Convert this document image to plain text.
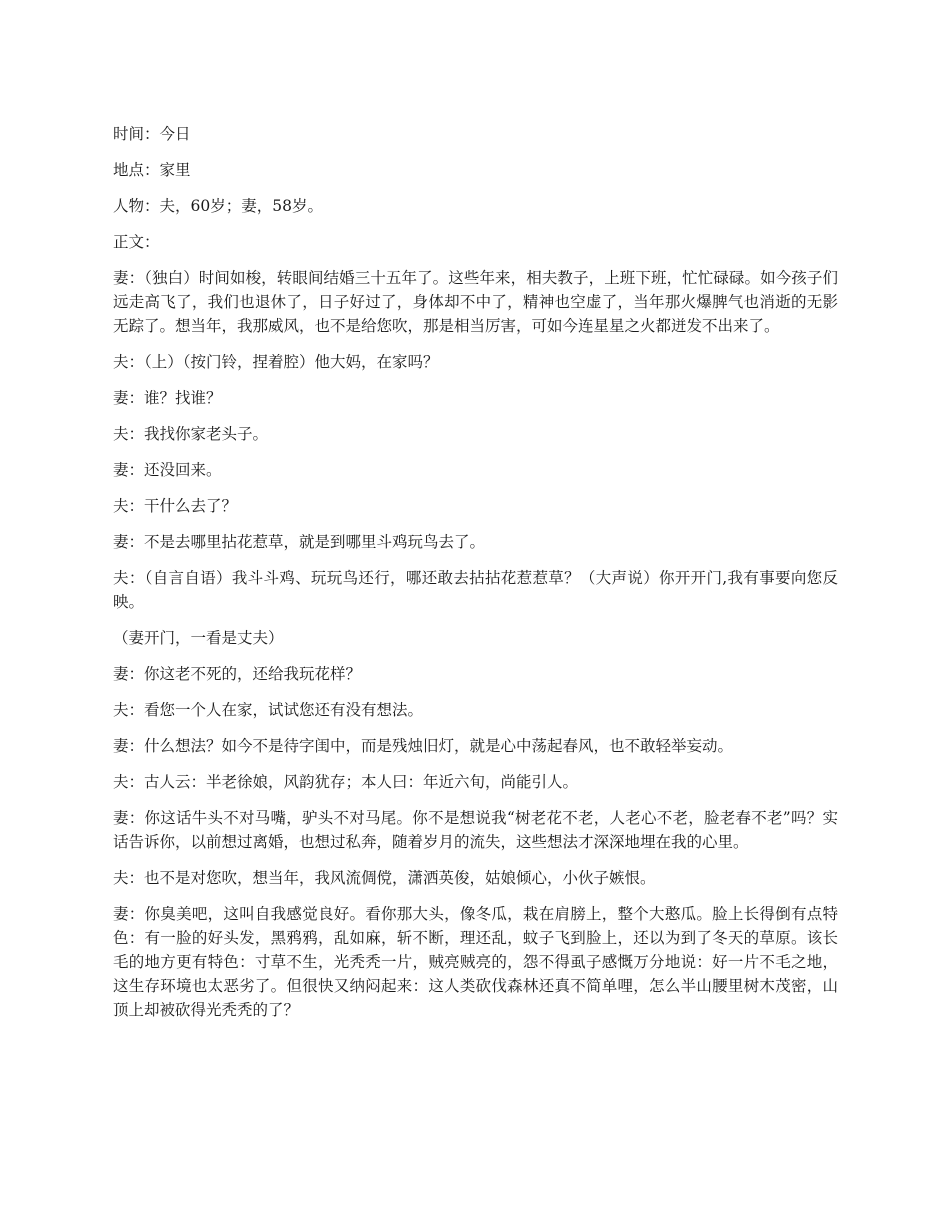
时间：今日

地点：家里

人物：夫，60岁；妻，58岁。

正文：

妻：（独白）时间如梭，转眼间结婚三十五年了。这些年来，相夫教子，上班下班，忙忙碌碌。如今孩子们远走高飞了，我们也退休了，日子好过了，身体却不中了，精神也空虚了，当年那火爆脾气也消逝的无影无踪了。想当年，我那威风，也不是给您吹，那是相当厉害，可如今连星星之火都迸发不出来了。

夫：（上）（按门铃，捏着腔）他大妈，在家吗？

妻：谁？找谁？

夫：我找你家老头子。

妻：还没回来。

夫：干什么去了？

妻：不是去哪里拈花惹草，就是到哪里斗鸡玩鸟去了。

夫：（自言自语）我斗斗鸡、玩玩鸟还行，哪还敢去拈拈花惹惹草？（大声说）你开开门,我有事要向您反映。

（妻开门，一看是丈夫）

妻：你这老不死的，还给我玩花样？

夫：看您一个人在家，试试您还有没有想法。

妻：什么想法？如今不是待字闺中，而是残烛旧灯，就是心中荡起春风，也不敢轻举妄动。

夫：古人云：半老徐娘，风韵犹存；本人曰：年近六旬，尚能引人。

妻：你这话牛头不对马嘴，驴头不对马尾。你不是想说我“树老花不老，人老心不老，脸老春不老”吗？实话告诉你，以前想过离婚，也想过私奔，随着岁月的流失，这些想法才深深地埋在我的心里。

夫：也不是对您吹，想当年，我风流倜傥，潇洒英俊，姑娘倾心，小伙子嫉恨。

妻：你臭美吧，这叫自我感觉良好。看你那大头，像冬瓜，栽在肩膀上，整个大憨瓜。脸上长得倒有点特色：有一脸的好头发，黑鸦鸦，乱如麻，斩不断，理还乱，蚊子飞到脸上，还以为到了冬天的草原。该长毛的地方更有特色：寸草不生，光秃秃一片，贼亮贼亮的，怨不得虱子感慨万分地说：好一片不毛之地，这生存环境也太恶劣了。但很快又纳闷起来：这人类砍伐森林还真不简单哩，怎么半山腰里树木茂密，山顶上却被砍得光秃秃的了？
